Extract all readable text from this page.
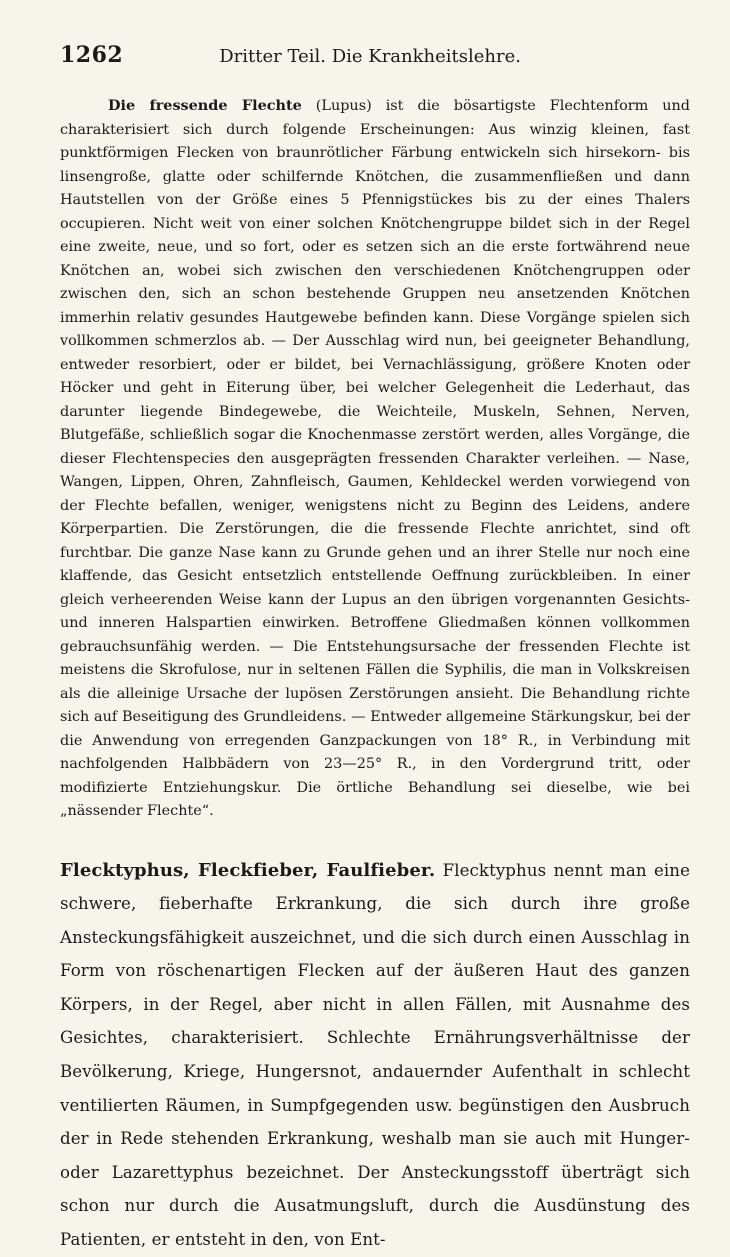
1262	Dritter Teil. Die Krankheitslehre.

Die fressende Flechte (Lupus) ist die bösartigste Flechtenform und charakterisiert sich durch folgende Erscheinungen: Aus winzig kleinen, fast punktförmigen Flecken von braunrötlicher Färbung entwickeln sich hirsekorn- bis linsengroße, glatte oder schilfernde Knötchen, die zusammenfließen und dann Hautstellen von der Größe eines 5 Pfennigstückes bis zu der eines Thalers occupieren. Nicht weit von einer solchen Knötchengruppe bildet sich in der Regel eine zweite, neue, und so fort, oder es setzen sich an die erste fortwährend neue Knötchen an, wobei sich zwischen den verschiedenen Knötchengruppen oder zwischen den, sich an schon bestehende Gruppen neu ansetzenden Knötchen immerhin relativ gesundes Hautgewebe befinden kann. Diese Vorgänge spielen sich vollkommen schmerzlos ab. — Der Ausschlag wird nun, bei geeigneter Behandlung, entweder resorbiert, oder er bildet, bei Vernachlässigung, größere Knoten oder Höcker und geht in Eiterung über, bei welcher Gelegenheit die Lederhaut, das darunter liegende Bindegewebe, die Weichteile, Muskeln, Sehnen, Nerven, Blutgefäße, schließlich sogar die Knochenmasse zerstört werden, alles Vorgänge, die dieser Flechtenspecies den ausgeprägten fressenden Charakter verleihen. — Nase, Wangen, Lippen, Ohren, Zahnfleisch, Gaumen, Kehldeckel werden vorwiegend von der Flechte befallen, weniger, wenigstens nicht zu Beginn des Leidens, andere Körperpartien. Die Zerstörungen, die die fressende Flechte anrichtet, sind oft furchtbar. Die ganze Nase kann zu Grunde gehen und an ihrer Stelle nur noch eine klaffende, das Gesicht entsetzlich entstellende Oeffnung zurückbleiben. In einer gleich verheerenden Weise kann der Lupus an den übrigen vorgenannten Gesichts- und inneren Halspartien einwirken. Betroffene Gliedmaßen können vollkommen gebrauchsunfähig werden. — Die Entstehungsursache der fressenden Flechte ist meistens die Skrofulose, nur in seltenen Fällen die Syphilis, die man in Volkskreisen als die alleinige Ursache der lupösen Zerstörungen ansieht. Die Behandlung richte sich auf Beseitigung des Grundleidens. — Entweder allgemeine Stärkungskur, bei der die Anwendung von erregenden Ganzpackungen von 18° R., in Verbindung mit nachfolgenden Halbbädern von 23—25° R., in den Vordergrund tritt, oder modifizierte Entziehungskur. Die örtliche Behandlung sei dieselbe, wie bei „nässender Flechte“.

Flecktyphus, Fleckfieber, Faulfieber. Flecktyphus nennt man eine schwere, fieberhafte Erkrankung, die sich durch ihre große Ansteckungsfähigkeit auszeichnet, und die sich durch einen Ausschlag in Form von röschenartigen Flecken auf der äußeren Haut des ganzen Körpers, in der Regel, aber nicht in allen Fällen, mit Ausnahme des Gesichtes, charakterisiert. Schlechte Ernährungsverhältnisse der Bevölkerung, Kriege, Hungersnot, andauernder Aufenthalt in schlecht ventilierten Räumen, in Sumpfgegenden usw. begünstigen den Ausbruch der in Rede stehenden Erkrankung, weshalb man sie auch mit Hunger- oder Lazarettyphus bezeichnet. Der Ansteckungsstoff überträgt sich schon nur durch die Ausatmungsluft, durch die Ausdünstung des Patienten, er entsteht in den, von Ent-
